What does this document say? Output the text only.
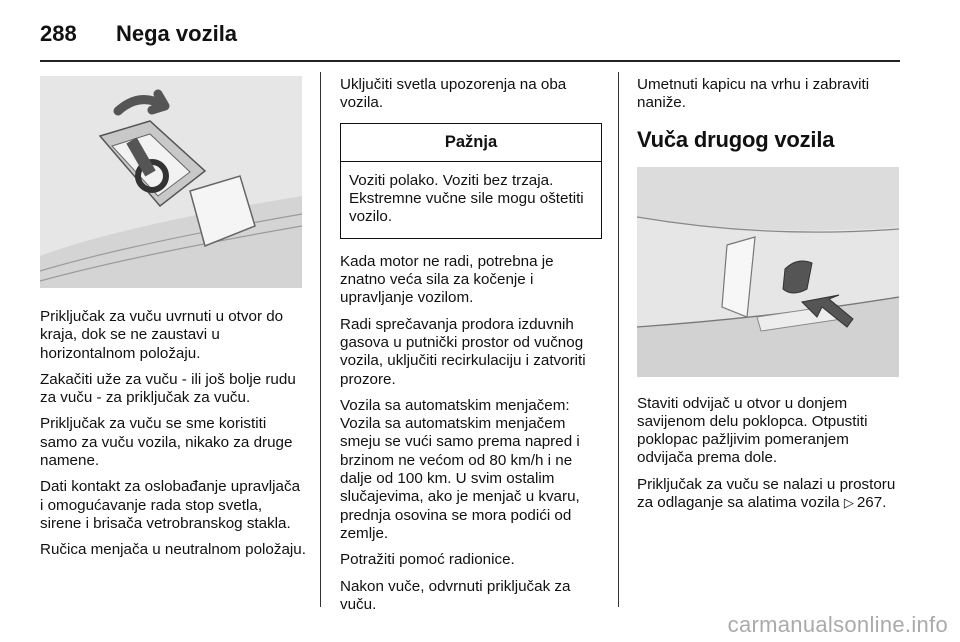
288	Nega vozila

Priključak za vuču uvrnuti u otvor do kraja, dok se ne zaustavi u horizontalnom položaju.

Zakačiti uže za vuču - ili još bolje rudu za vuču - za priključak za vuču.

Priključak za vuču se sme koristiti samo za vuču vozila, nikako za druge namene.

Dati kontakt za oslobađanje upravljača i omogućavanje rada stop svetla, sirene i brisača vetrobranskog stakla.

Ručica menjača u neutralnom položaju.

Uključiti svetla upozorenja na oba vozila.

Pažnja
Voziti polako. Voziti bez trzaja. Ekstremne vučne sile mogu oštetiti vozilo.

Kada motor ne radi, potrebna je znatno veća sila za kočenje i upravljanje vozilom.

Radi sprečavanja prodora izduvnih gasova u putnički prostor od vučnog vozila, uključiti recirkulaciju i zatvoriti prozore.

Vozila sa automatskim menjačem: Vozila sa automatskim menjačem smeju se vući samo prema napred i brzinom ne većom od 80 km/h i ne dalje od 100 km. U svim ostalim slučajevima, ako je menjač u kvaru, prednja osovina se mora podići od zemlje.

Potražiti pomoć radionice.

Nakon vuče, odvrnuti priključak za vuču.

Umetnuti kapicu na vrhu i zabraviti naniže.

Vuča drugog vozila

Staviti odvijač u otvor u donjem savijenom delu poklopca. Otpustiti poklopac pažljivim pomeranjem odvijača prema dole.

Priključak za vuču se nalazi u prostoru za odlaganje sa alatima vozila ▷ 267.

carmanualsonline.info
